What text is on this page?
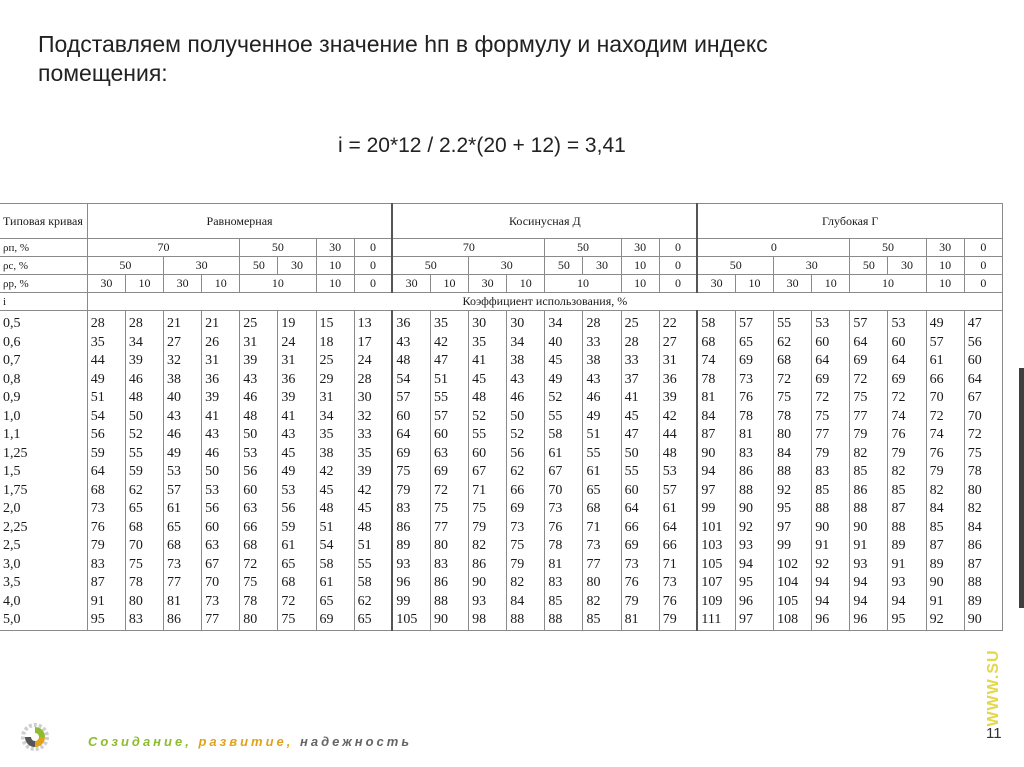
Подставляем полученное значение hп в формулу и находим индекс помещения:
i = 20*12 / 2.2*(20 + 12) = 3,41
Типовая кривая	Равномерная								Косинусная Д								Глубокая Г							
ρп, %	70				50		30	0	70				50		30	0	0				50		30	0
ρс, %	50		30		50	30	10	0	50		30		50	30	10	0	50		30		50	30	10	0
ρр, %	30	10	30	10	10		10	0	30	10	30	10	10		10	0	30	10	30	10	10		10	0
i	Коэффициент использования, %																							
0,5	28	28	21	21	25	19	15	13	36	35	30	30	34	28	25	22	58	57	55	53	57	53	49	47
0,6	35	34	27	26	31	24	18	17	43	42	35	34	40	33	28	27	68	65	62	60	64	60	57	56
0,7	44	39	32	31	39	31	25	24	48	47	41	38	45	38	33	31	74	69	68	64	69	64	61	60
0,8	49	46	38	36	43	36	29	28	54	51	45	43	49	43	37	36	78	73	72	69	72	69	66	64
0,9	51	48	40	39	46	39	31	30	57	55	48	46	52	46	41	39	81	76	75	72	75	72	70	67
1,0	54	50	43	41	48	41	34	32	60	57	52	50	55	49	45	42	84	78	78	75	77	74	72	70
1,1	56	52	46	43	50	43	35	33	64	60	55	52	58	51	47	44	87	81	80	77	79	76	74	72
1,25	59	55	49	46	53	45	38	35	69	63	60	56	61	55	50	48	90	83	84	79	82	79	76	75
1,5	64	59	53	50	56	49	42	39	75	69	67	62	67	61	55	53	94	86	88	83	85	82	79	78
1,75	68	62	57	53	60	53	45	42	79	72	71	66	70	65	60	57	97	88	92	85	86	85	82	80
2,0	73	65	61	56	63	56	48	45	83	75	75	69	73	68	64	61	99	90	95	88	88	87	84	82
2,25	76	68	65	60	66	59	51	48	86	77	79	73	76	71	66	64	101	92	97	90	90	88	85	84
2,5	79	70	68	63	68	61	54	51	89	80	82	75	78	73	69	66	103	93	99	91	91	89	87	86
3,0	83	75	73	67	72	65	58	55	93	83	86	79	81	77	73	71	105	94	102	92	93	91	89	87
3,5	87	78	77	70	75	68	61	58	96	86	90	82	83	80	76	73	107	95	104	94	94	93	90	88
4,0	91	80	81	73	78	72	65	62	99	88	93	84	85	82	79	76	109	96	105	94	94	94	91	89
5,0	95	83	86	77	80	75	69	65	105	90	98	88	88	85	81	79	111	97	108	96	96	95	92	90
WWW.SU
Созидание, развитие, надежность	11
